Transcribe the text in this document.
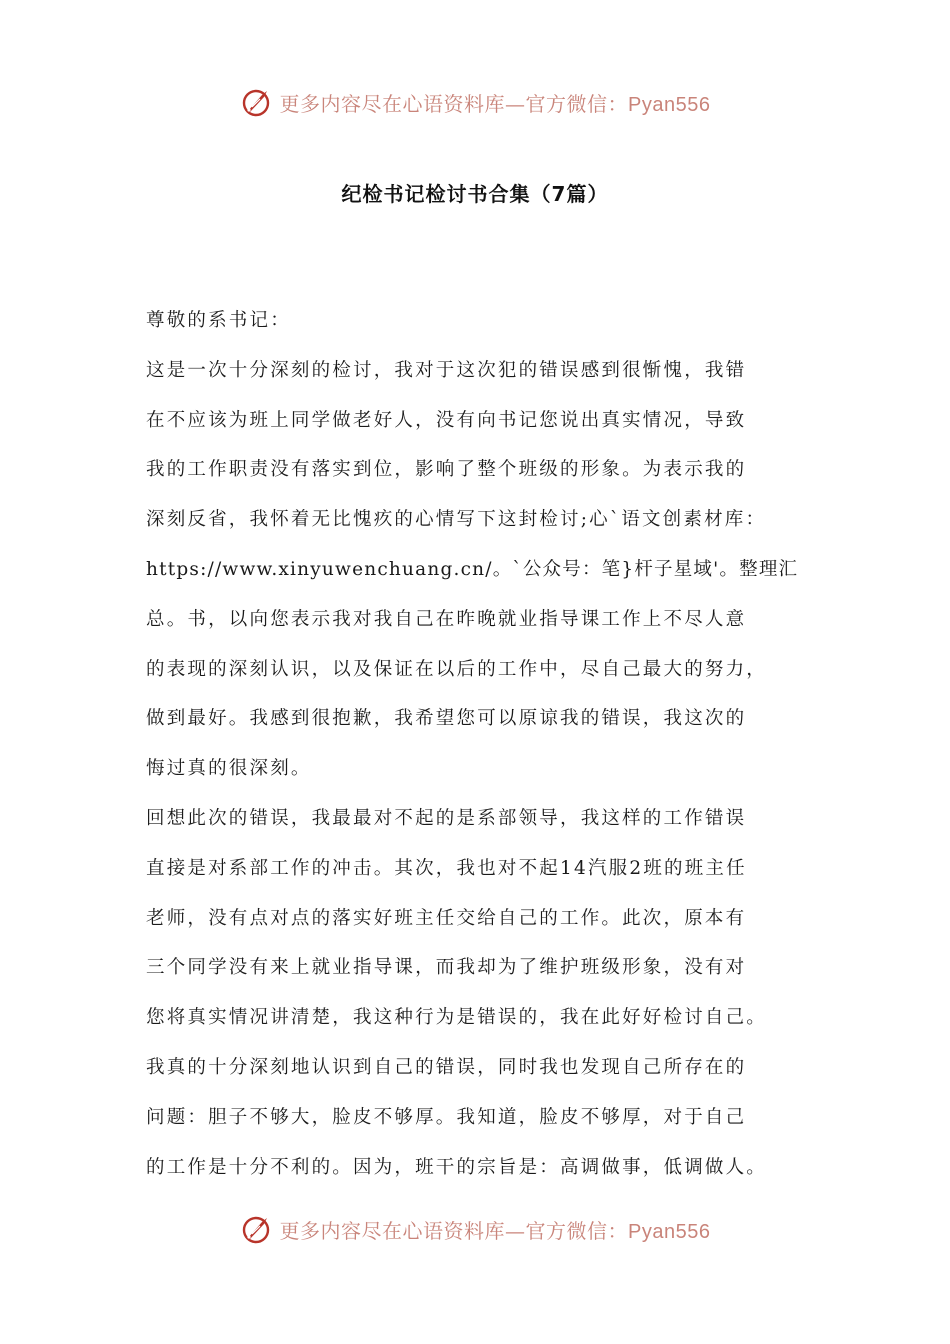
更多内容尽在心语资料库—官方微信：Pyan556
纪检书记检讨书合集（7篇）
尊敬的系书记：
这是一次十分深刻的检讨，我对于这次犯的错误感到很惭愧，我错
在不应该为班上同学做老好人，没有向书记您说出真实情况，导致
我的工作职责没有落实到位，影响了整个班级的形象。为表示我的
深刻反省，我怀着无比愧疚的心情写下这封检讨;心`语文创素材库：
https://www.xinyuwenchuang.cn/。`公众号：笔}杆子星域'。整理汇
总。书，以向您表示我对我自己在昨晚就业指导课工作上不尽人意
的表现的深刻认识，以及保证在以后的工作中，尽自己最大的努力，
做到最好。我感到很抱歉，我希望您可以原谅我的错误，我这次的
悔过真的很深刻。
回想此次的错误，我最最对不起的是系部领导，我这样的工作错误
直接是对系部工作的冲击。其次，我也对不起14汽服2班的班主任
老师，没有点对点的落实好班主任交给自己的工作。此次，原本有
三个同学没有来上就业指导课，而我却为了维护班级形象，没有对
您将真实情况讲清楚，我这种行为是错误的，我在此好好检讨自己。
我真的十分深刻地认识到自己的错误，同时我也发现自己所存在的
问题：胆子不够大，脸皮不够厚。我知道，脸皮不够厚，对于自己
的工作是十分不利的。因为，班干的宗旨是：高调做事，低调做人。
更多内容尽在心语资料库—官方微信：Pyan556
